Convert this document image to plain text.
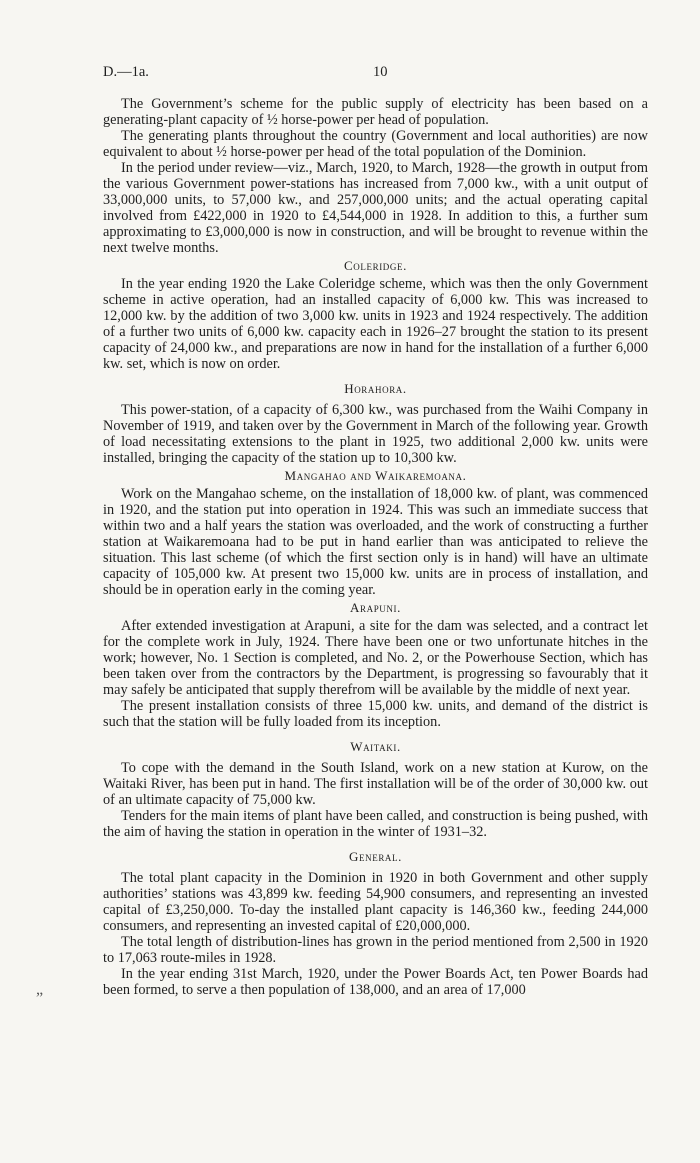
D.—1a.	10
”

The Government’s scheme for the public supply of electricity has been based on a generating-plant capacity of ½ horse-power per head of population.

The generating plants throughout the country (Government and local authorities) are now equivalent to about ½ horse-power per head of the total population of the Dominion.

In the period under review—viz., March, 1920, to March, 1928—the growth in output from the various Government power-stations has increased from 7,000 kw., with a unit output of 33,000,000 units, to 57,000 kw., and 257,000,000 units; and the actual operating capital involved from £422,000 in 1920 to £4,544,000 in 1928. In addition to this, a further sum approximating to £3,000,000 is now in construction, and will be brought to revenue within the next twelve months.

Coleridge.

In the year ending 1920 the Lake Coleridge scheme, which was then the only Government scheme in active operation, had an installed capacity of 6,000 kw. This was increased to 12,000 kw. by the addition of two 3,000 kw. units in 1923 and 1924 respectively. The addition of a further two units of 6,000 kw. capacity each in 1926–27 brought the station to its present capacity of 24,000 kw., and preparations are now in hand for the installation of a further 6,000 kw. set, which is now on order.

Horahora.

This power-station, of a capacity of 6,300 kw., was purchased from the Waihi Company in November of 1919, and taken over by the Government in March of the following year. Growth of load necessitating extensions to the plant in 1925, two additional 2,000 kw. units were installed, bringing the capacity of the station up to 10,300 kw.

Mangahao and Waikaremoana.

Work on the Mangahao scheme, on the installation of 18,000 kw. of plant, was commenced in 1920, and the station put into operation in 1924. This was such an immediate success that within two and a half years the station was overloaded, and the work of constructing a further station at Waikaremoana had to be put in hand earlier than was anticipated to relieve the situation. This last scheme (of which the first section only is in hand) will have an ultimate capacity of 105,000 kw. At present two 15,000 kw. units are in process of installation, and should be in operation early in the coming year.

Arapuni.

After extended investigation at Arapuni, a site for the dam was selected, and a contract let for the complete work in July, 1924. There have been one or two unfortunate hitches in the work; however, No. 1 Section is completed, and No. 2, or the Powerhouse Section, which has been taken over from the contractors by the Department, is progressing so favourably that it may safely be anticipated that supply therefrom will be available by the middle of next year.

The present installation consists of three 15,000 kw. units, and demand of the district is such that the station will be fully loaded from its inception.

Waitaki.

To cope with the demand in the South Island, work on a new station at Kurow, on the Waitaki River, has been put in hand. The first installation will be of the order of 30,000 kw. out of an ultimate capacity of 75,000 kw.

Tenders for the main items of plant have been called, and construction is being pushed, with the aim of having the station in operation in the winter of 1931–32.

General.

The total plant capacity in the Dominion in 1920 in both Government and other supply authorities’ stations was 43,899 kw. feeding 54,900 consumers, and representing an invested capital of £3,250,000. To-day the installed plant capacity is 146,360 kw., feeding 244,000 consumers, and representing an invested capital of £20,000,000.

The total length of distribution-lines has grown in the period mentioned from 2,500 in 1920 to 17,063 route-miles in 1928.

In the year ending 31st March, 1920, under the Power Boards Act, ten Power Boards had been formed, to serve a then population of 138,000, and an area of 17,000
